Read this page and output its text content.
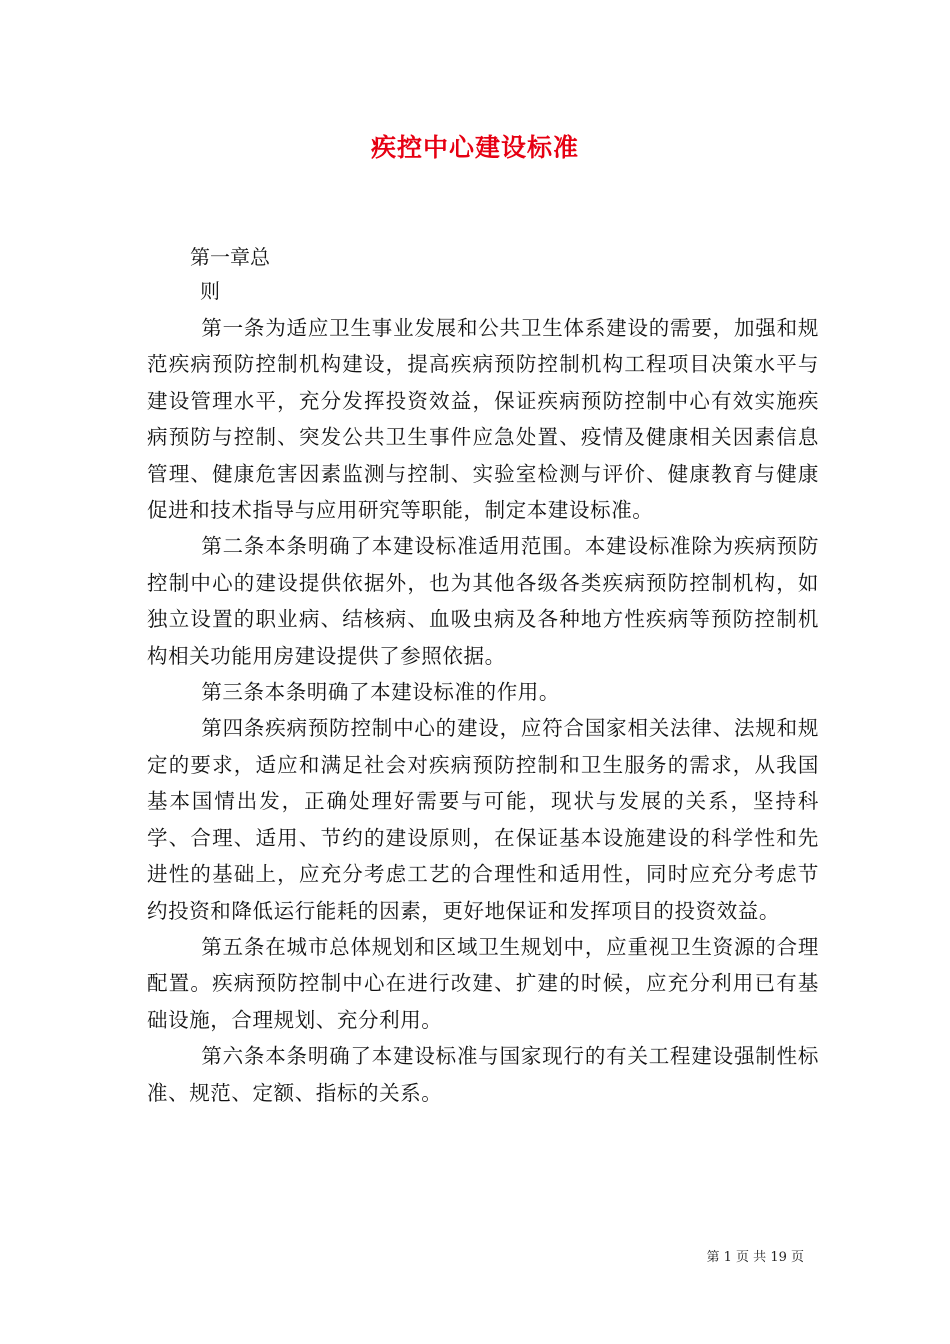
疾控中心建设标准

第一章总

则

第一条为适应卫生事业发展和公共卫生体系建设的需要，加强和规范疾病预防控制机构建设，提高疾病预防控制机构工程项目决策水平与建设管理水平，充分发挥投资效益，保证疾病预防控制中心有效实施疾病预防与控制、突发公共卫生事件应急处置、疫情及健康相关因素信息管理、健康危害因素监测与控制、实验室检测与评价、健康教育与健康促进和技术指导与应用研究等职能，制定本建设标准。

第二条本条明确了本建设标准适用范围。本建设标准除为疾病预防控制中心的建设提供依据外，也为其他各级各类疾病预防控制机构，如独立设置的职业病、结核病、血吸虫病及各种地方性疾病等预防控制机构相关功能用房建设提供了参照依据。

第三条本条明确了本建设标准的作用。

第四条疾病预防控制中心的建设，应符合国家相关法律、法规和规定的要求，适应和满足社会对疾病预防控制和卫生服务的需求，从我国基本国情出发，正确处理好需要与可能，现状与发展的关系，坚持科学、合理、适用、节约的建设原则，在保证基本设施建设的科学性和先进性的基础上，应充分考虑工艺的合理性和适用性，同时应充分考虑节约投资和降低运行能耗的因素，更好地保证和发挥项目的投资效益。

第五条在城市总体规划和区域卫生规划中，应重视卫生资源的合理配置。疾病预防控制中心在进行改建、扩建的时候，应充分利用已有基础设施，合理规划、充分利用。

第六条本条明确了本建设标准与国家现行的有关工程建设强制性标准、规范、定额、指标的关系。

第 1 页 共 19 页
